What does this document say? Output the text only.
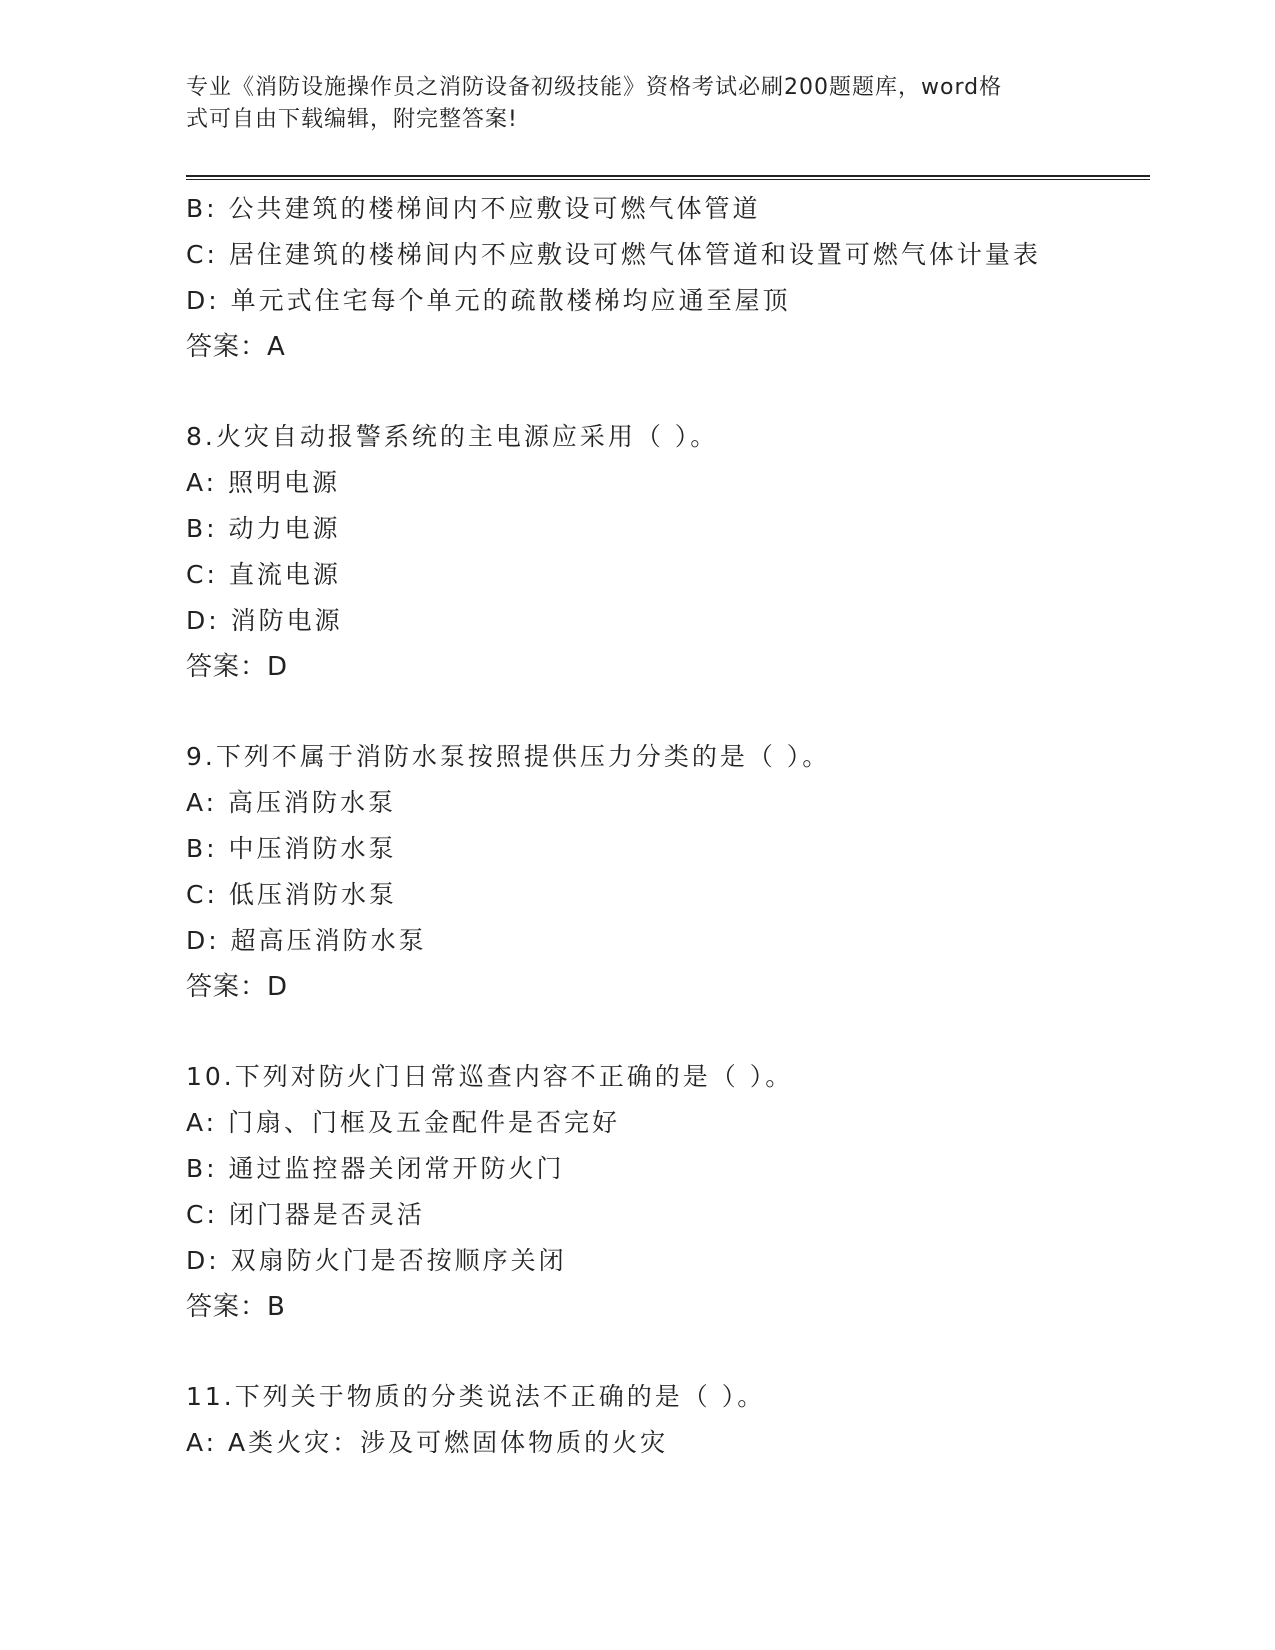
专业《消防设施操作员之消防设备初级技能》资格考试必刷200题题库，word格
式可自由下载编辑，附完整答案!
B: 公共建筑的楼梯间内不应敷设可燃气体管道
C: 居住建筑的楼梯间内不应敷设可燃气体管道和设置可燃气体计量表
D: 单元式住宅每个单元的疏散楼梯均应通至屋顶
答案：A
8.火灾自动报警系统的主电源应采用（ ）。
A: 照明电源
B: 动力电源
C: 直流电源
D: 消防电源
答案：D
9.下列不属于消防水泵按照提供压力分类的是（ ）。
A: 高压消防水泵
B: 中压消防水泵
C: 低压消防水泵
D: 超高压消防水泵
答案：D
10.下列对防火门日常巡查内容不正确的是（ ）。
A: 门扇、门框及五金配件是否完好
B: 通过监控器关闭常开防火门
C: 闭门器是否灵活
D: 双扇防火门是否按顺序关闭
答案：B
11.下列关于物质的分类说法不正确的是（ ）。
A: A类火灾：涉及可燃固体物质的火灾
